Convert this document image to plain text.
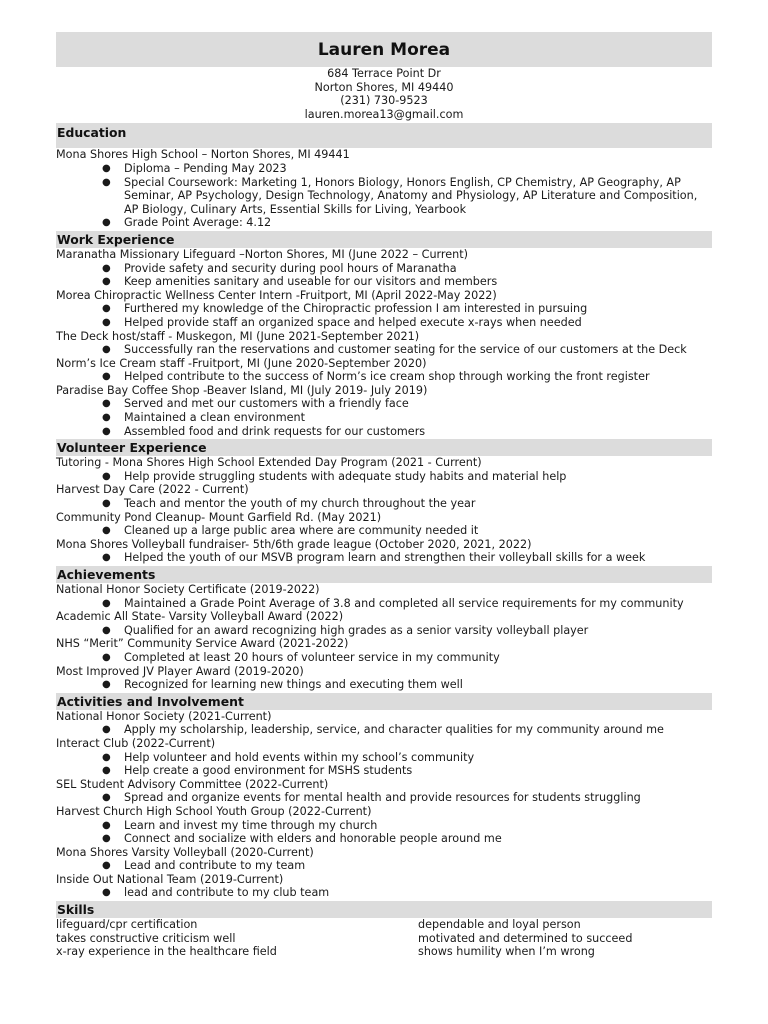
Lauren Morea
684 Terrace Point Dr
Norton Shores, MI 49440
(231) 730-9523
lauren.morea13@gmail.com
Education
Mona Shores High School – Norton Shores, MI 49441
● Diploma – Pending May 2023
● Special Coursework: Marketing 1, Honors Biology, Honors English, CP Chemistry, AP Geography, AP Seminar, AP Psychology, Design Technology, Anatomy and Physiology, AP Literature and Composition, AP Biology, Culinary Arts, Essential Skills for Living, Yearbook
● Grade Point Average: 4.12
Work Experience
Maranatha Missionary Lifeguard –Norton Shores, MI (June 2022 – Current)
● Provide safety and security during pool hours of Maranatha
● Keep amenities sanitary and useable for our visitors and members
Morea Chiropractic Wellness Center Intern -Fruitport, MI (April 2022-May 2022)
● Furthered my knowledge of the Chiropractic profession I am interested in pursuing
● Helped provide staff an organized space and helped execute x-rays when needed
The Deck host/staff - Muskegon, MI (June 2021-September 2021)
● Successfully ran the reservations and customer seating for the service of our customers at the Deck
Norm’s Ice Cream staff -Fruitport, MI (June 2020-September 2020)
● Helped contribute to the success of Norm’s ice cream shop through working the front register
Paradise Bay Coffee Shop -Beaver Island, MI (July 2019- July 2019)
● Served and met our customers with a friendly face
● Maintained a clean environment
● Assembled food and drink requests for our customers
Volunteer Experience
Tutoring - Mona Shores High School Extended Day Program (2021 - Current)
● Help provide struggling students with adequate study habits and material help
Harvest Day Care (2022 - Current)
● Teach and mentor the youth of my church throughout the year
Community Pond Cleanup- Mount Garfield Rd. (May 2021)
● Cleaned up a large public area where are community needed it
Mona Shores Volleyball fundraiser- 5th/6th grade league (October 2020, 2021, 2022)
● Helped the youth of our MSVB program learn and strengthen their volleyball skills for a week
Achievements
National Honor Society Certificate (2019-2022)
● Maintained a Grade Point Average of 3.8 and completed all service requirements for my community
Academic All State- Varsity Volleyball Award (2022)
● Qualified for an award recognizing high grades as a senior varsity volleyball player
NHS “Merit” Community Service Award (2021-2022)
● Completed at least 20 hours of volunteer service in my community
Most Improved JV Player Award (2019-2020)
● Recognized for learning new things and executing them well
Activities and Involvement
National Honor Society (2021-Current)
● Apply my scholarship, leadership, service, and character qualities for my community around me
Interact Club (2022-Current)
● Help volunteer and hold events within my school’s community
● Help create a good environment for MSHS students
SEL Student Advisory Committee (2022-Current)
● Spread and organize events for mental health and provide resources for students struggling
Harvest Church High School Youth Group (2022-Current)
● Learn and invest my time through my church
● Connect and socialize with elders and honorable people around me
Mona Shores Varsity Volleyball (2020-Current)
● Lead and contribute to my team
Inside Out National Team (2019-Current)
● lead and contribute to my club team
Skills
lifeguard/cpr certification	dependable and loyal person
takes constructive criticism well	motivated and determined to succeed
x-ray experience in the healthcare field	shows humility when I’m wrong
